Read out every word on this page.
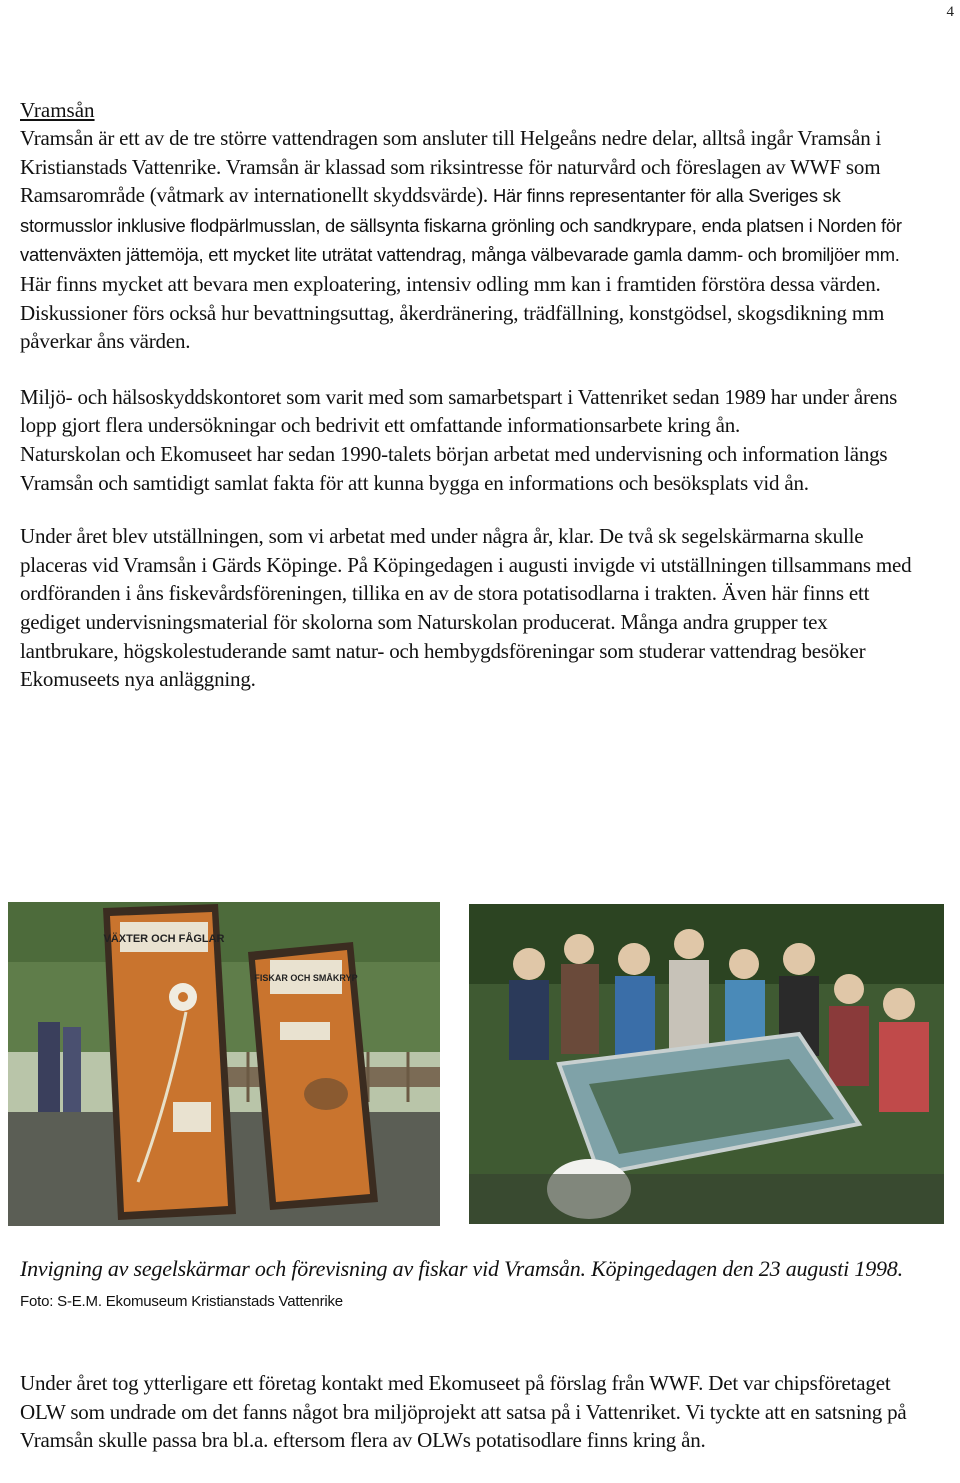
4

Vramsån

Vramsån är ett av de tre större vattendragen som ansluter till Helgeåns nedre delar, alltså ingår Vramsån i Kristianstads Vattenrike. Vramsån är klassad som riksintresse för naturvård och föreslagen av WWF som Ramsarområde (våtmark av internationellt skyddsvärde). Här finns representanter för alla Sveriges sk stormusslor inklusive flodpärlmusslan, de sällsynta fiskarna grönling och sandkrypare, enda platsen i Norden för vattenväxten jättemöja, ett mycket lite uträtat vattendrag, många välbevarade gamla damm- och bromiljöer mm. Här finns mycket att bevara men exploatering, intensiv odling mm kan i framtiden förstöra dessa värden. Diskussioner förs också hur bevattningsuttag, åkerdränering, trädfällning, konstgödsel, skogsdikning mm påverkar åns värden.

Miljö- och hälsoskyddskontoret som varit med som samarbetspart i Vattenriket sedan 1989 har under årens lopp gjort flera undersökningar och bedrivit ett omfattande informationsarbete kring ån.

Naturskolan och Ekomuseet har sedan 1990-talets början arbetat med undervisning och information längs Vramsån och samtidigt samlat fakta för att kunna bygga en informations och besöksplats vid ån.

Under året blev utställningen, som vi arbetat med under några år, klar. De två sk segelskärmarna skulle placeras vid Vramsån i Gärds Köpinge. På Köpingedagen i augusti invigde vi utställningen tillsammans med ordföranden i åns fiskevårdsföreningen, tillika en av de stora potatisodlarna i trakten. Även här finns ett gediget undervisningsmaterial för skolorna som Naturskolan producerat. Många andra grupper tex lantbrukare, högskolestuderande samt natur- och hembygdsföreningar som studerar vattendrag besöker Ekomuseets nya anläggning.

VÄXTER OCH FÅGLAR
FISKAR OCH SMÅKRYP
Invigning av segelskärmar och förevisning av fiskar vid Vramsån. Köpingedagen den 23 augusti 1998. Foto: S-E.M. Ekomuseum Kristianstads Vattenrike

Under året tog ytterligare ett företag kontakt med Ekomuseet på förslag från WWF. Det var chipsföretaget OLW som undrade om det fanns något bra miljöprojekt att satsa på i Vattenriket. Vi tyckte att en satsning på Vramsån skulle passa bra bl.a. eftersom flera av OLWs potatisodlare finns kring ån.
